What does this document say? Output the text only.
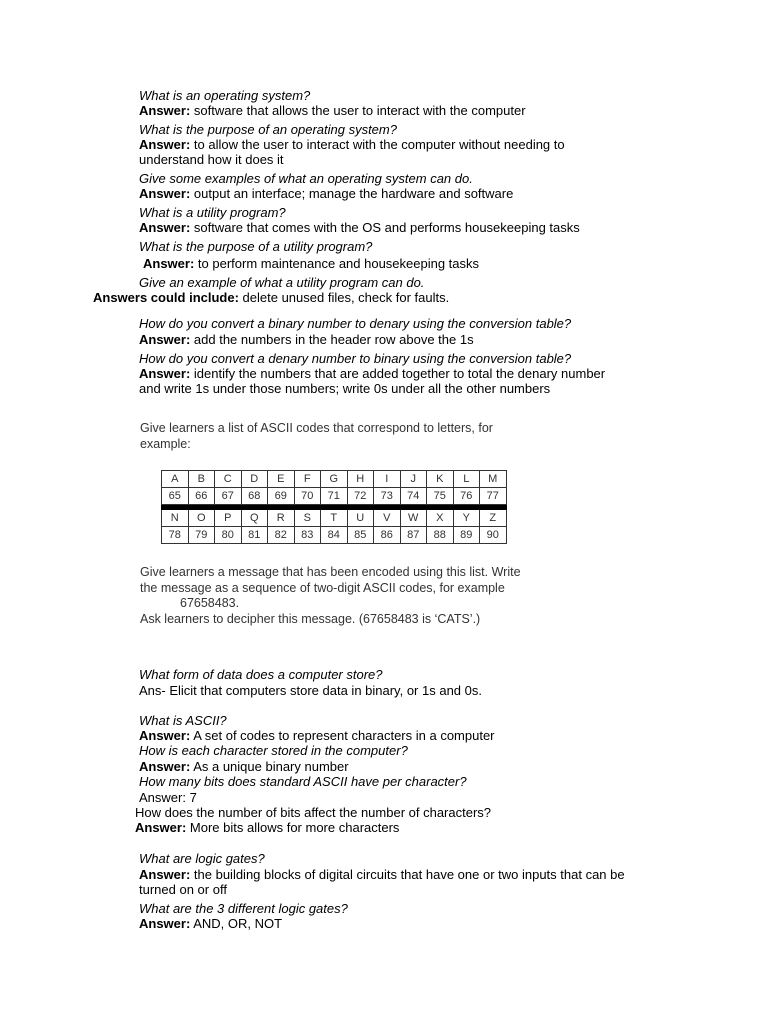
What is an operating system?
Answer: software that allows the user to interact with the computer
What is the purpose of an operating system?
Answer: to allow the user to interact with the computer without needing to
understand how it does it
Give some examples of what an operating system can do.
Answer: output an interface; manage the hardware and software
What is a utility program?
Answer: software that comes with the OS and performs housekeeping tasks
What is the purpose of a utility program?
Answer: to perform maintenance and housekeeping tasks
Give an example of what a utility program can do.
Answers could include: delete unused files, check for faults.
How do you convert a binary number to denary using the conversion table?
Answer: add the numbers in the header row above the 1s
How do you convert a denary number to binary using the conversion table?
Answer: identify the numbers that are added together to total the denary number
and write 1s under those numbers; write 0s under all the other numbers
Give learners a list of ASCII codes that correspond to letters, for
example:
A	B	C	D	E	F	G	H	I	J	K	L	M
65	66	67	68	69	70	71	72	73	74	75	76	77

N	O	P	Q	R	S	T	U	V	W	X	Y	Z
78	79	80	81	82	83	84	85	86	87	88	89	90
Give learners a message that has been encoded using this list. Write
the message as a sequence of two-digit ASCII codes, for example
67658483.
Ask learners to decipher this message. (67658483 is ‘CATS’.)
What form of data does a computer store?
Ans- Elicit that computers store data in binary, or 1s and 0s.
What is ASCII?
Answer: A set of codes to represent characters in a computer
How is each character stored in the computer?
Answer: As a unique binary number
How many bits does standard ASCII have per character?
Answer: 7
How does the number of bits affect the number of characters?
Answer: More bits allows for more characters
What are logic gates?
Answer: the building blocks of digital circuits that have one or two inputs that can be
turned on or off
What are the 3 different logic gates?
Answer: AND, OR, NOT
